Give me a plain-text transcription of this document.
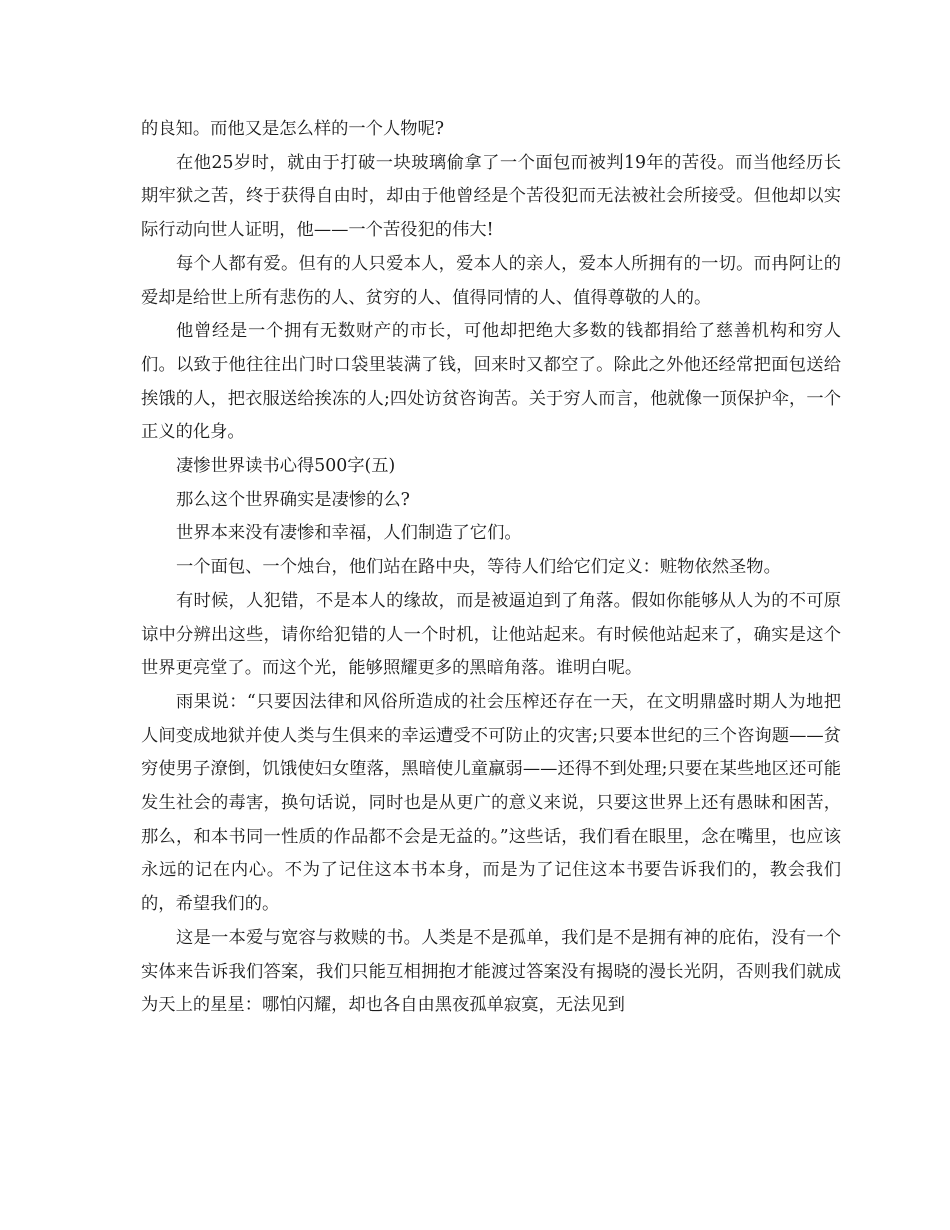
的良知。而他又是怎么样的一个人物呢?

在他25岁时，就由于打破一块玻璃偷拿了一个面包而被判19年的苦役。而当他经历长期牢狱之苦，终于获得自由时，却由于他曾经是个苦役犯而无法被社会所接受。但他却以实际行动向世人证明，他——一个苦役犯的伟大!

每个人都有爱。但有的人只爱本人，爱本人的亲人，爱本人所拥有的一切。而冉阿让的爱却是给世上所有悲伤的人、贫穷的人、值得同情的人、值得尊敬的人的。

他曾经是一个拥有无数财产的市长，可他却把绝大多数的钱都捐给了慈善机构和穷人们。以致于他往往出门时口袋里装满了钱，回来时又都空了。除此之外他还经常把面包送给挨饿的人，把衣服送给挨冻的人;四处访贫咨询苦。关于穷人而言，他就像一顶保护伞，一个正义的化身。

凄惨世界读书心得500字(五)

那么这个世界确实是凄惨的么?

世界本来没有凄惨和幸福，人们制造了它们。

一个面包、一个烛台，他们站在路中央，等待人们给它们定义：赃物依然圣物。

有时候，人犯错，不是本人的缘故，而是被逼迫到了角落。假如你能够从人为的不可原谅中分辨出这些，请你给犯错的人一个时机，让他站起来。有时候他站起来了，确实是这个世界更亮堂了。而这个光，能够照耀更多的黑暗角落。谁明白呢。

雨果说：“只要因法律和风俗所造成的社会压榨还存在一天，在文明鼎盛时期人为地把人间变成地狱并使人类与生俱来的幸运遭受不可防止的灾害;只要本世纪的三个咨询题——贫穷使男子潦倒，饥饿使妇女堕落，黑暗使儿童羸弱——还得不到处理;只要在某些地区还可能发生社会的毒害，换句话说，同时也是从更广的意义来说，只要这世界上还有愚昧和困苦，那么，和本书同一性质的作品都不会是无益的。”这些话，我们看在眼里，念在嘴里，也应该永远的记在内心。不为了记住这本书本身，而是为了记住这本书要告诉我们的，教会我们的，希望我们的。

这是一本爱与宽容与救赎的书。人类是不是孤单，我们是不是拥有神的庇佑，没有一个实体来告诉我们答案，我们只能互相拥抱才能渡过答案没有揭晓的漫长光阴，否则我们就成为天上的星星：哪怕闪耀，却也各自由黑夜孤单寂寞，无法见到
